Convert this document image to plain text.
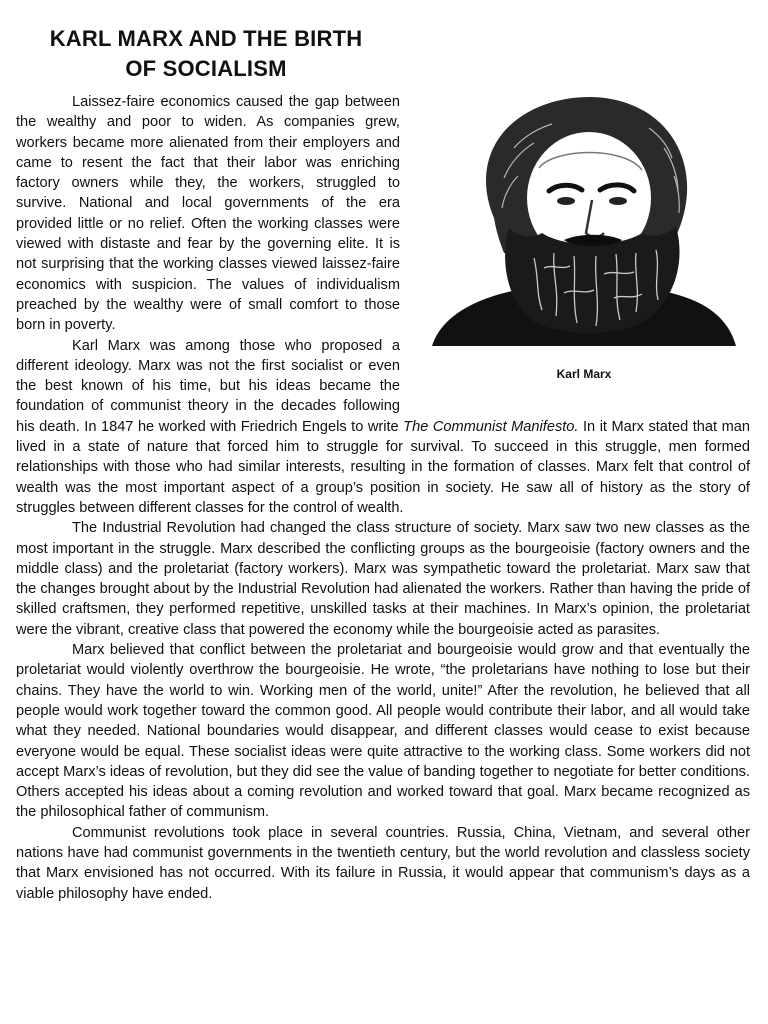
KARL MARX AND THE BIRTH
OF SOCIALISM
Karl Marx

Laissez-faire economics caused the gap between the wealthy and poor to widen. As companies grew, workers became more alienated from their employers and came to resent the fact that their labor was enriching factory owners while they, the workers, struggled to survive. National and local governments of the era provided little or no relief. Often the working classes were viewed with distaste and fear by the governing elite. It is not surprising that the working classes viewed laissez-faire economics with suspicion. The values of individualism preached by the wealthy were of small comfort to those born in poverty.

Karl Marx was among those who proposed a different ideology. Marx was not the first socialist or even the best known of his time, but his ideas became the foundation of communist theory in the decades following his death. In 1847 he worked with Friedrich Engels to write The Communist Manifesto. In it Marx stated that man lived in a state of nature that forced him to struggle for survival. To succeed in this struggle, men formed relationships with those who had similar interests, resulting in the formation of classes. Marx felt that control of wealth was the most important aspect of a group’s position in society. He saw all of history as the story of struggles between different classes for the control of wealth.

The Industrial Revolution had changed the class structure of society. Marx saw two new classes as the most important in the struggle. Marx described the conflicting groups as the bourgeoisie (factory owners and the middle class) and the proletariat (factory workers). Marx was sympathetic toward the proletariat. Marx saw that the changes brought about by the Industrial Revolution had alienated the workers. Rather than having the pride of skilled craftsmen, they performed repetitive, unskilled tasks at their machines. In Marx’s opinion, the proletariat were the vibrant, creative class that powered the economy while the bourgeoisie acted as parasites.

Marx believed that conflict between the proletariat and bourgeoisie would grow and that eventually the proletariat would violently overthrow the bourgeoisie. He wrote, “the proletarians have nothing to lose but their chains. They have the world to win. Working men of the world, unite!” After the revolution, he believed that all people would work together toward the common good. All people would contribute their labor, and all would take what they needed. National boundaries would disappear, and different classes would cease to exist because everyone would be equal. These socialist ideas were quite attractive to the working class. Some workers did not accept Marx’s ideas of revolution, but they did see the value of banding together to negotiate for better conditions. Others accepted his ideas about a coming revolution and worked toward that goal. Marx became recognized as the philosophical father of communism.

Communist revolutions took place in several countries. Russia, China, Vietnam, and several other nations have had communist governments in the twentieth century, but the world revolution and classless society that Marx envisioned has not occurred. With its failure in Russia, it would appear that communism’s days as a viable philosophy have ended.
